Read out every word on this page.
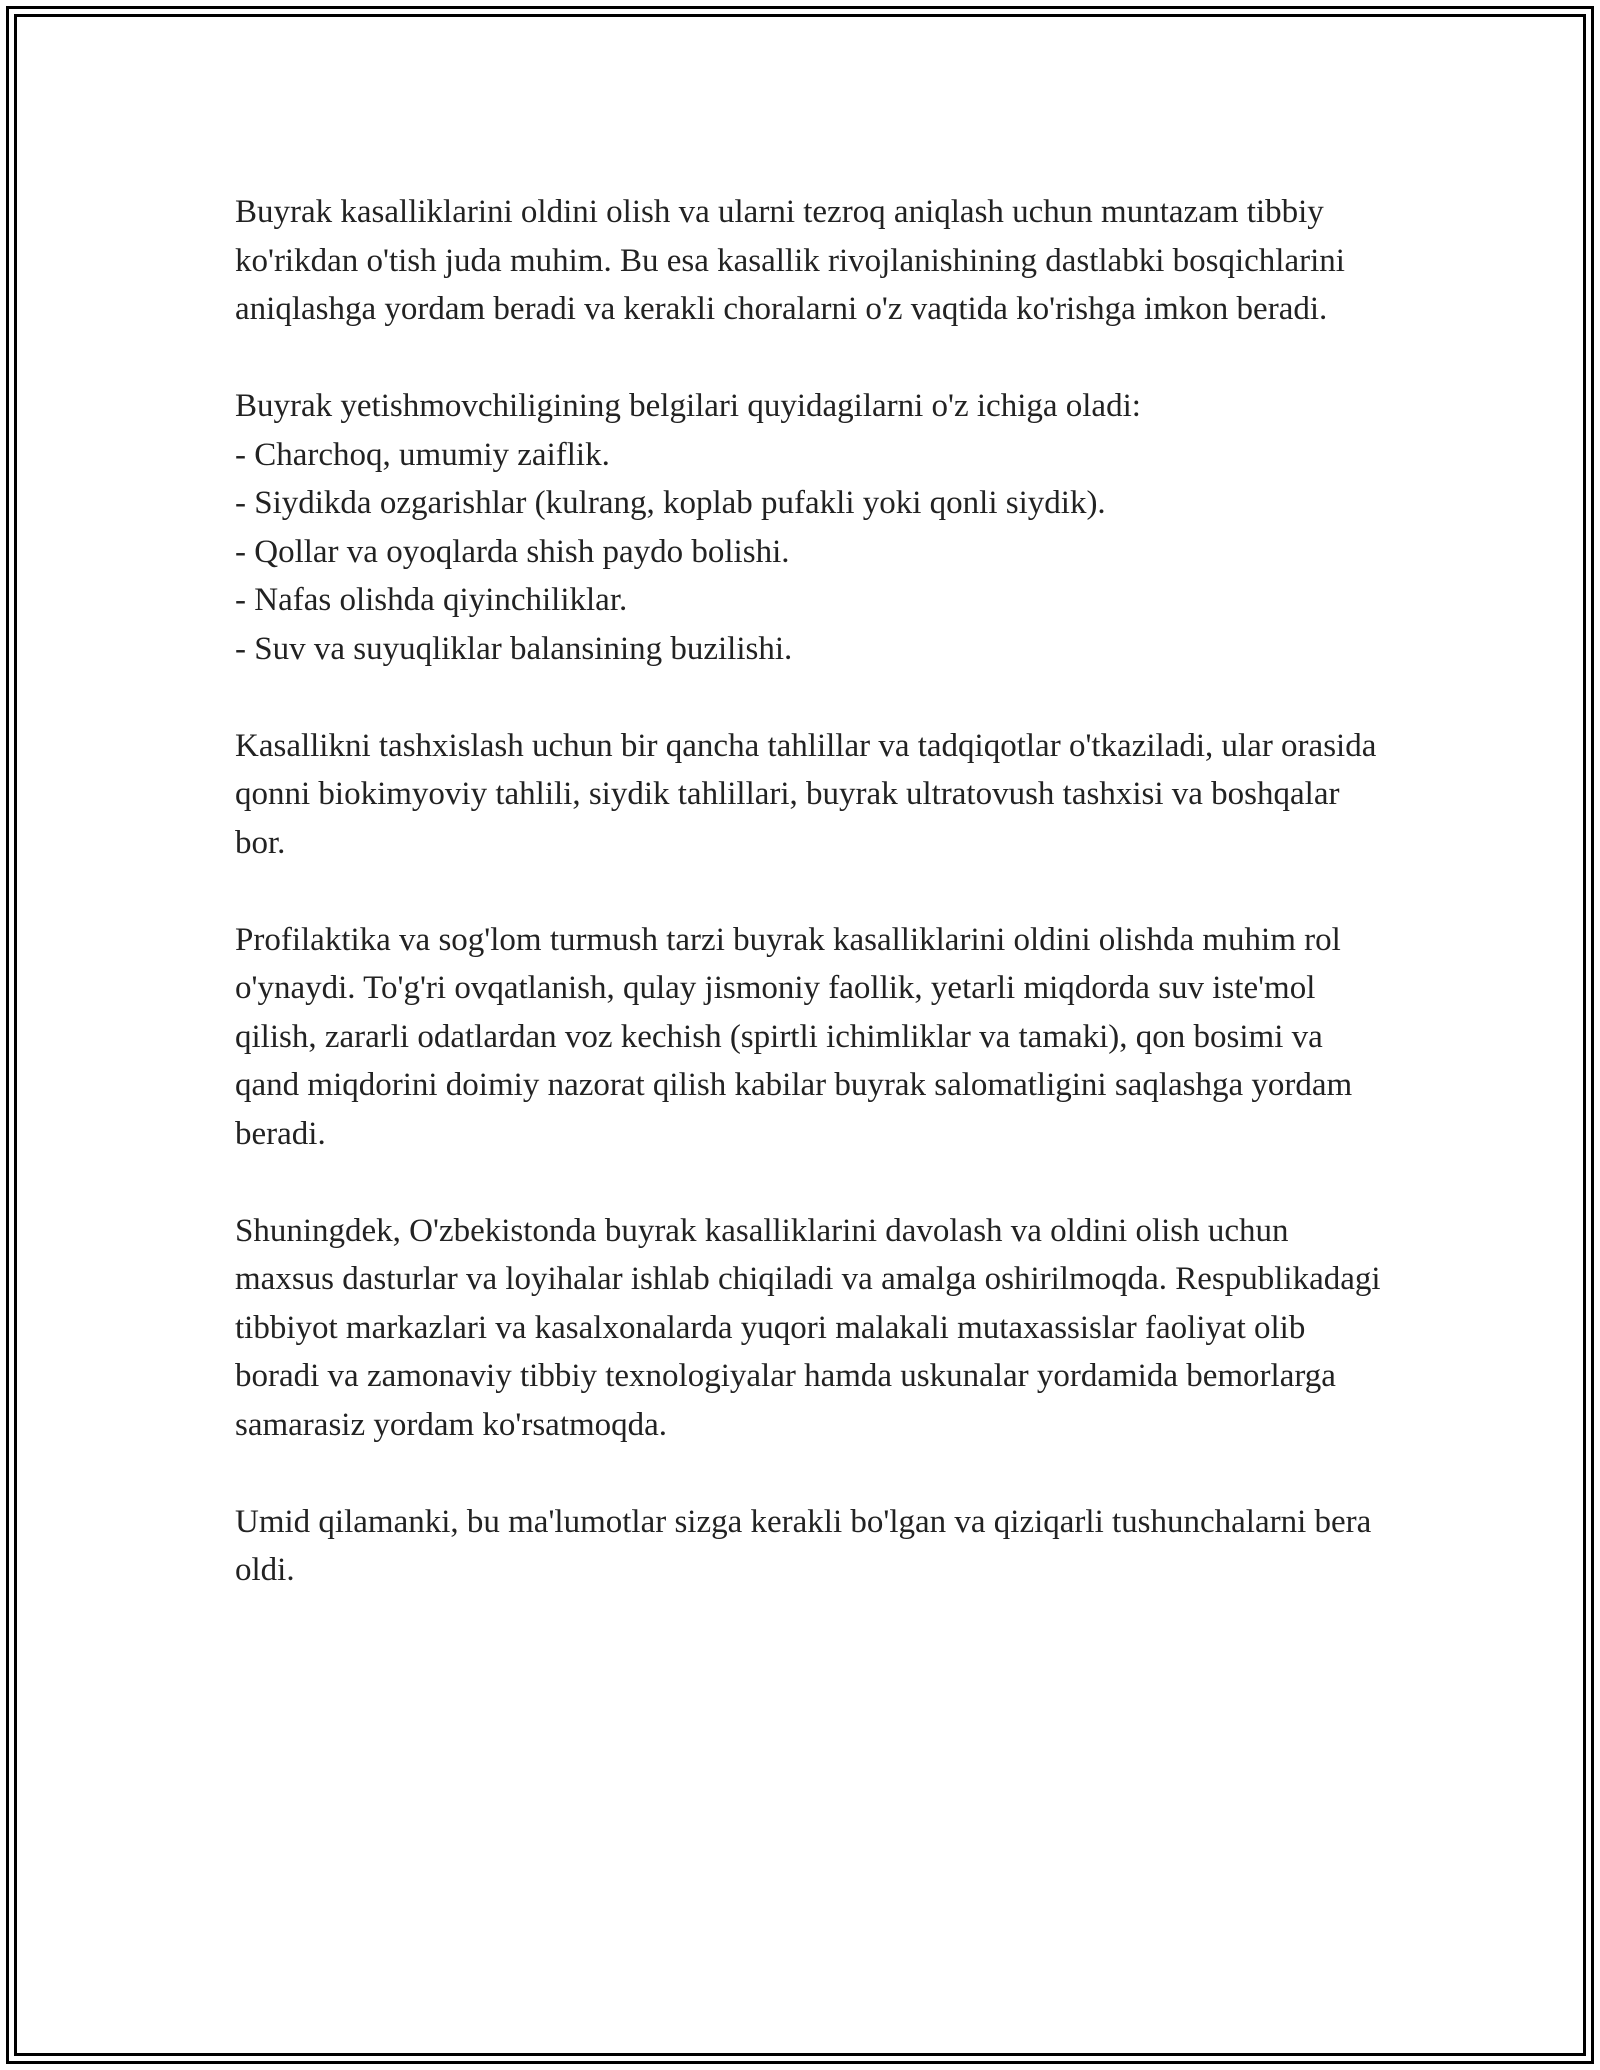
Buyrak kasalliklarini oldini olish va ularni tezroq aniqlash uchun muntazam tibbiy ko'rikdan o'tish juda muhim. Bu esa kasallik rivojlanishining dastlabki bosqichlarini aniqlashga yordam beradi va kerakli choralarni o'z vaqtida ko'rishga imkon beradi.

Buyrak yetishmovchiligining belgilari quyidagilarni o'z ichiga oladi:
- Charchoq, umumiy zaiflik.
- Siydikda ozgarishlar (kulrang, koplab pufakli yoki qonli siydik).
- Qollar va oyoqlarda shish paydo bolishi.
- Nafas olishda qiyinchiliklar.
- Suv va suyuqliklar balansining buzilishi.

Kasallikni tashxislash uchun bir qancha tahlillar va tadqiqotlar o'tkaziladi, ular orasida qonni biokimyoviy tahlili, siydik tahlillari, buyrak ultratovush tashxisi va boshqalar bor.

Profilaktika va sog'lom turmush tarzi buyrak kasalliklarini oldini olishda muhim rol o'ynaydi. To'g'ri ovqatlanish, qulay jismoniy faollik, yetarli miqdorda suv iste'mol qilish, zararli odatlardan voz kechish (spirtli ichimliklar va tamaki), qon bosimi va qand miqdorini doimiy nazorat qilish kabilar buyrak salomatligini saqlashga yordam beradi.

Shuningdek, O'zbekistonda buyrak kasalliklarini davolash va oldini olish uchun maxsus dasturlar va loyihalar ishlab chiqiladi va amalga oshirilmoqda. Respublikadagi tibbiyot markazlari va kasalxonalarda yuqori malakali mutaxassislar faoliyat olib boradi va zamonaviy tibbiy texnologiyalar hamda uskunalar yordamida bemorlarga samarasiz yordam ko'rsatmoqda.

Umid qilamanki, bu ma'lumotlar sizga kerakli bo'lgan va qiziqarli tushunchalarni bera oldi.
